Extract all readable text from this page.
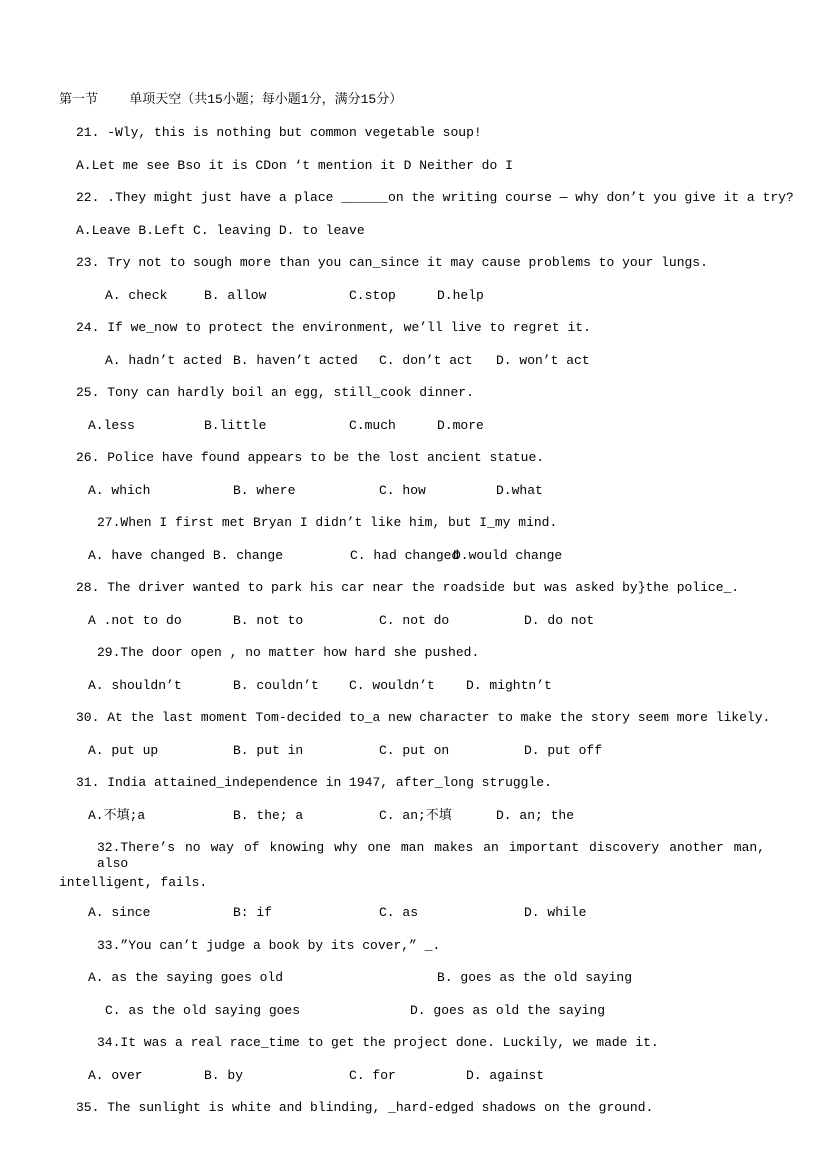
第一节    单项天空（共15小题；每小题1分，满分15分）
21. -Wly, this is nothing but common vegetable soup!
A.Let me see Bso it is CDon ‘t mention it D Neither do I
22. .They might just have a place ______on the writing course — why don’t you give it a try?
A.Leave B.Left C. leaving D. to leave
23. Try not to sough more than you can_since it may cause problems to your lungs.
A. check	B. allow	C.stop	D.help
24. If we_now to protect the environment, we’ll live to regret it.
A. hadn’t acted B. haven’t acted C. don’t act D. won’t act
25. Tony can hardly boil an egg, still_cook dinner.
A.less	B.little	C.much	D.more
26. Police have found appears to be the lost ancient statue.
A. which	B. where	C. how	D.what
27.When I first met Bryan I didn’t like him, but I_my mind.
A. have changed B. change	C. had changed
D.would change
28. The driver wanted to park his car near the roadside but was asked by}the police_.
A .not to do	B. not to	C. not do	D. do not
29.The door open , no matter how hard she pushed.
A. shouldn’t	B. couldn’t C. wouldn’t D. mightn’t
30. At the last moment Tom-decided to_a new character to make the story seem more likely.
A. put up	B. put in	C. put on	D. put off
31. India attained_independence in 1947, after_long struggle.
A.不填;a	B. the; a	C. an;不填	D. an; the
32.There’s no way of knowing why one man makes an important discovery another man, also
intelligent, fails.
A. since	B: if	C. as	D. while
33.”You can’t judge a book by its cover,” _.
A. as the saying goes old	B. goes as the old saying
C. as the old saying goes	D. goes as old the saying
34.It was a real race_time to get the project done. Luckily, we made it.
A. over	B. by	C. for	D. against
35. The sunlight is white and blinding, _hard-edged shadows on the ground.
